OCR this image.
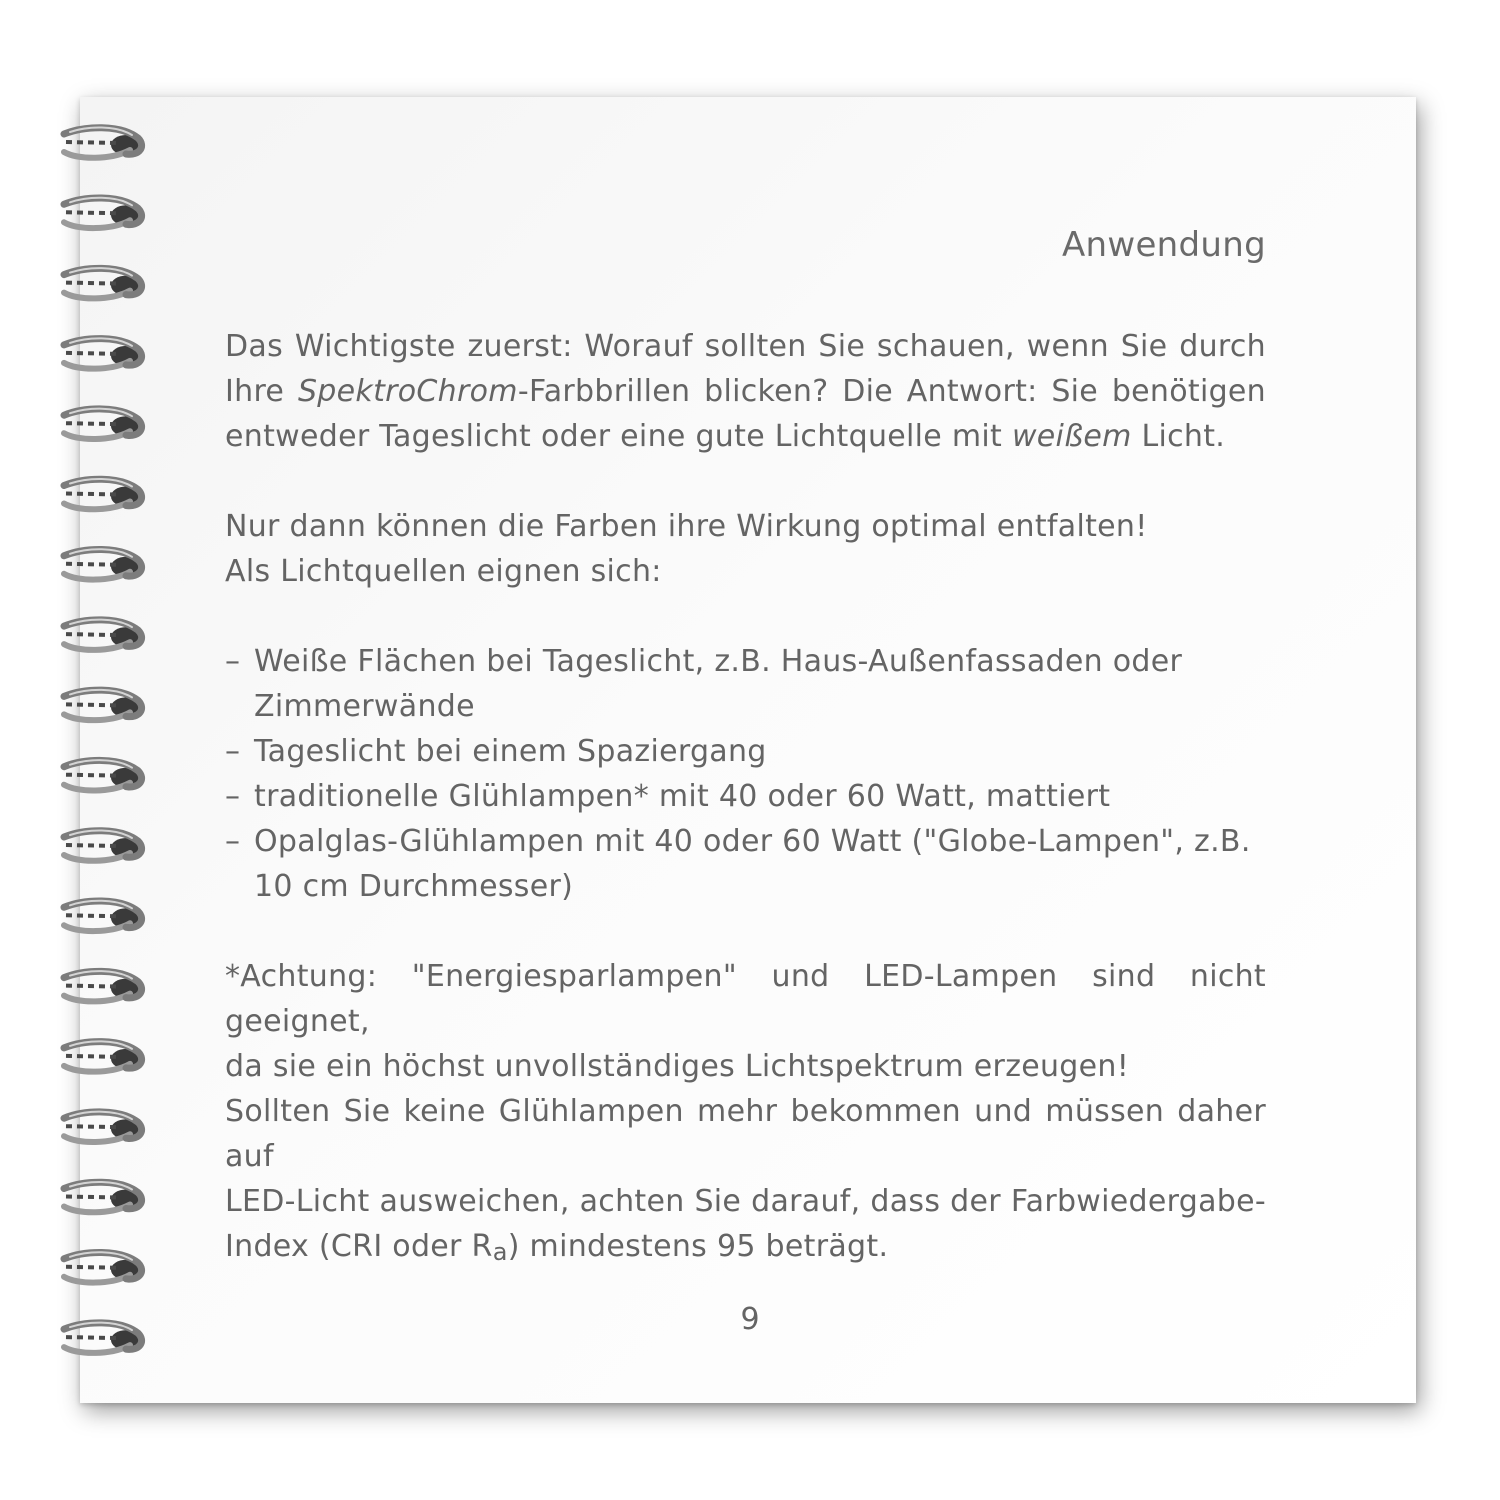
Anwendung

Das Wichtigste zuerst: Worauf sollten Sie schauen, wenn Sie durch
Ihre SpektroChrom-Farbbrillen blicken? Die Antwort: Sie benötigen
entweder Tageslicht oder eine gute Lichtquelle mit weißem Licht.

Nur dann können die Farben ihre Wirkung optimal entfalten!
Als Lichtquellen eignen sich:

– Weiße Flächen bei Tageslicht, z.B. Haus-Außenfassaden oder Zimmerwände
– Tageslicht bei einem Spaziergang
– traditionelle Glühlampen* mit 40 oder 60 Watt, mattiert
– Opalglas-Glühlampen mit 40 oder 60 Watt ("Globe-Lampen", z.B. 10 cm Durchmesser)

*Achtung: "Energiesparlampen" und LED-Lampen sind nicht geeignet,
da sie ein höchst unvollständiges Lichtspektrum erzeugen!
Sollten Sie keine Glühlampen mehr bekommen und müssen daher auf
LED-Licht ausweichen, achten Sie darauf, dass der Farbwiedergabe-
Index (CRI oder Ra) mindestens 95 beträgt.

9
